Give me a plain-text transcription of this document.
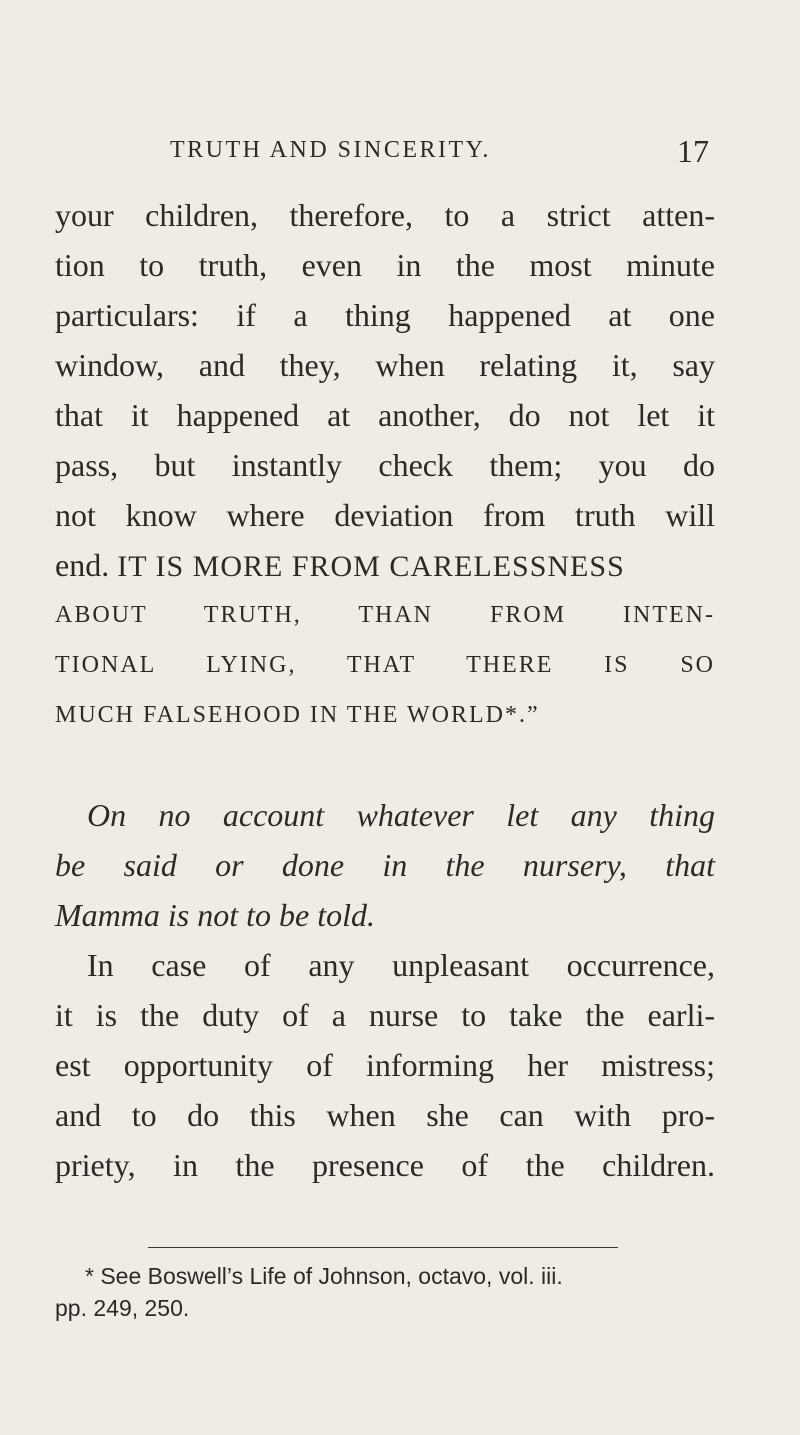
TRUTH AND SINCERITY.	17
your children, therefore, to a strict atten-
tion to truth, even in the most minute
particulars: if a thing happened at one
window, and they, when relating it, say
that it happened at another, do not let it
pass, but instantly check them; you do
not know where deviation from truth will
end. IT IS MORE FROM CARELESSNESS
ABOUT TRUTH, THAN FROM INTEN-
TIONAL LYING, THAT THERE IS SO
MUCH FALSEHOOD IN THE WORLD*.”
On no account whatever let any thing
be said or done in the nursery, that
Mamma is not to be told.
In case of any unpleasant occurrence,
it is the duty of a nurse to take the earli-
est opportunity of informing her mistress;
and to do this when she can with pro-
priety, in the presence of the children.
* See Boswell’s Life of Johnson, octavo, vol. iii.
pp. 249, 250.
